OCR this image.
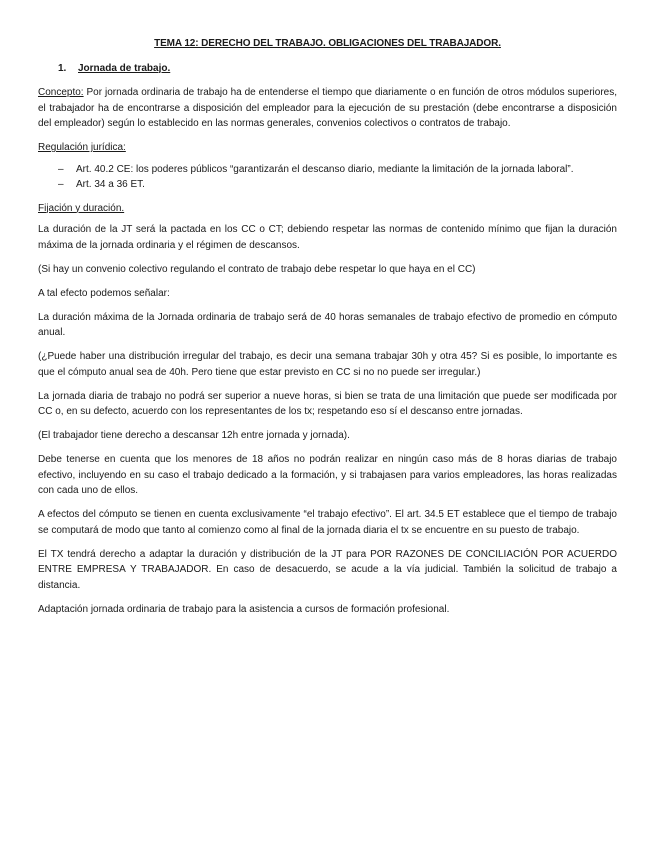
TEMA 12: DERECHO DEL TRABAJO. OBLIGACIONES DEL TRABAJADOR.
1. Jornada de trabajo.

Concepto: Por jornada ordinaria de trabajo ha de entenderse el tiempo que diariamente o en función de otros módulos superiores, el trabajador ha de encontrarse a disposición del empleador para la ejecución de su prestación (debe encontrarse a disposición del empleador) según lo establecido en las normas generales, convenios colectivos o contratos de trabajo.

Regulación jurídica:

– Art. 40.2 CE: los poderes públicos “garantizarán el descanso diario, mediante la limitación de la jornada laboral”.
– Art. 34 a 36 ET.

Fijación y duración.

La duración de la JT será la pactada en los CC o CT; debiendo respetar las normas de contenido mínimo que fijan la duración máxima de la jornada ordinaria y el régimen de descansos.

(Si hay un convenio colectivo regulando el contrato de trabajo debe respetar lo que haya en el CC)

A tal efecto podemos señalar:

La duración máxima de la Jornada ordinaria de trabajo será de 40 horas semanales de trabajo efectivo de promedio en cómputo anual.

(¿Puede haber una distribución irregular del trabajo, es decir una semana trabajar 30h y otra 45? Si es posible, lo importante es que el cómputo anual sea de 40h. Pero tiene que estar previsto en CC si no no puede ser irregular.)

La jornada diaria de trabajo no podrá ser superior a nueve horas, si bien se trata de una limitación que puede ser modificada por CC o, en su defecto, acuerdo con los representantes de los tx; respetando eso sí el descanso entre jornadas.

(El trabajador tiene derecho a descansar 12h entre jornada y jornada).

Debe tenerse en cuenta que los menores de 18 años no podrán realizar en ningún caso más de 8 horas diarias de trabajo efectivo, incluyendo en su caso el trabajo dedicado a la formación, y si trabajasen para varios empleadores, las horas realizadas con cada uno de ellos.

A efectos del cómputo se tienen en cuenta exclusivamente “el trabajo efectivo”. El art. 34.5 ET establece que el tiempo de trabajo se computará de modo que tanto al comienzo como al final de la jornada diaria el tx se encuentre en su puesto de trabajo.

El TX tendrá derecho a adaptar la duración y distribución de la JT para POR RAZONES DE CONCILIACIÓN POR ACUERDO ENTRE EMPRESA Y TRABAJADOR. En caso de desacuerdo, se acude a la vía judicial. También la solicitud de trabajo a distancia.

Adaptación jornada ordinaria de trabajo para la asistencia a cursos de formación profesional.
